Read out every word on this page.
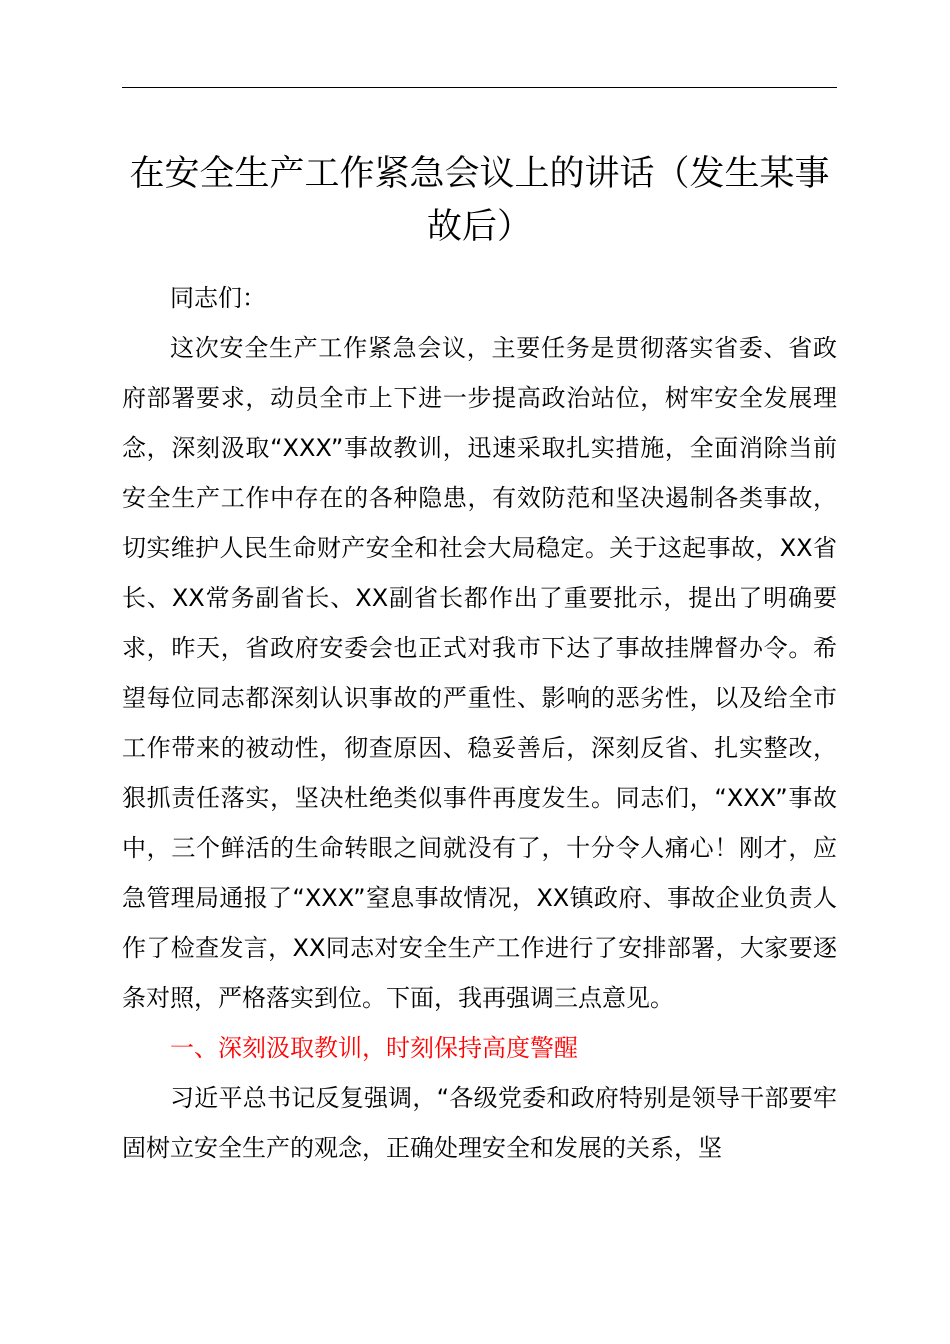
在安全生产工作紧急会议上的讲话（发生某事故后）

同志们：

这次安全生产工作紧急会议，主要任务是贯彻落实省委、省政府部署要求，动员全市上下进一步提高政治站位，树牢安全发展理念，深刻汲取“XXX”事故教训，迅速采取扎实措施，全面消除当前安全生产工作中存在的各种隐患，有效防范和坚决遏制各类事故，切实维护人民生命财产安全和社会大局稳定。关于这起事故，XX省长、XX常务副省长、XX副省长都作出了重要批示，提出了明确要求，昨天，省政府安委会也正式对我市下达了事故挂牌督办令。希望每位同志都深刻认识事故的严重性、影响的恶劣性，以及给全市工作带来的被动性，彻查原因、稳妥善后，深刻反省、扎实整改，狠抓责任落实，坚决杜绝类似事件再度发生。同志们，“XXX”事故中，三个鲜活的生命转眼之间就没有了，十分令人痛心！刚才，应急管理局通报了“XXX”窒息事故情况，XX镇政府、事故企业负责人作了检查发言，XX同志对安全生产工作进行了安排部署，大家要逐条对照，严格落实到位。下面，我再强调三点意见。

一、深刻汲取教训，时刻保持高度警醒

习近平总书记反复强调，“各级党委和政府特别是领导干部要牢固树立安全生产的观念，正确处理安全和发展的关系，坚
